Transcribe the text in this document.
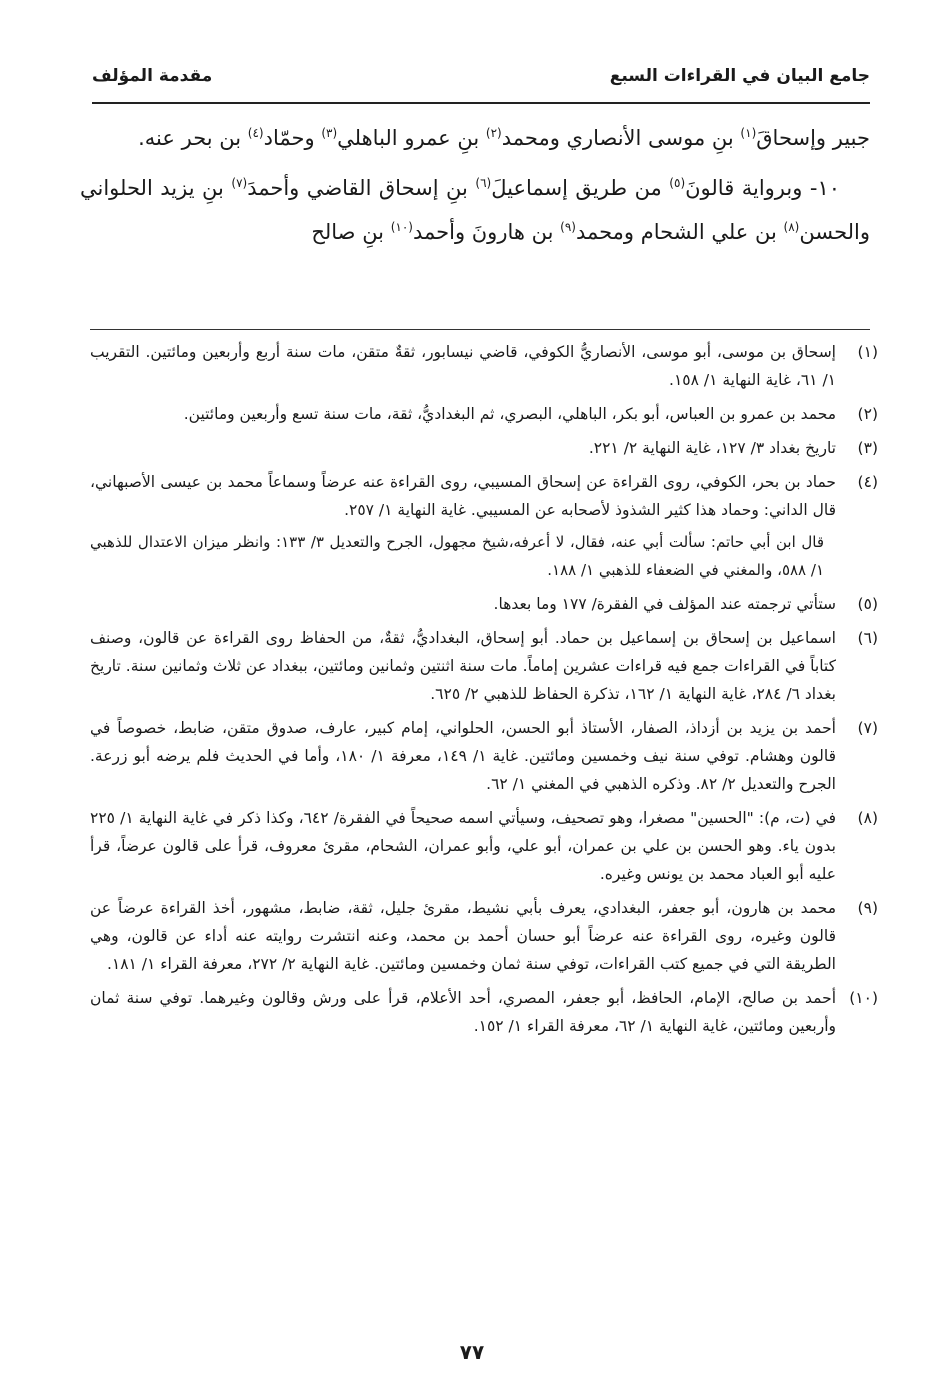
جامع البيان في القراءات السبع
مقدمة المؤلف

جبير وإسحاقَ$^{(١)}$ بنِ موسى الأنصاري ومحمد$^{(٢)}$ بنِ عمرو الباهلي$^{(٣)}$ وحمّاد$^{(٤)}$ بن بحر عنه.

١٠- وبرواية قالونَ$^{(٥)}$ من طريق إسماعيلَ$^{(٦)}$ بنِ إسحاق القاضي وأحمدَ$^{(٧)}$ بنِ يزيد الحلواني والحسن$^{(٨)}$ بن علي الشحام ومحمد$^{(٩)}$ بن هارونَ وأحمد$^{(١٠)}$ بنِ صالح

(١)
إسحاق بن موسى، أبو موسى، الأنصاريُّ الكوفي، قاضي نيسابور، ثقةٌ متقن، مات سنة أربع وأربعين ومائتين. التقريب ١/ ٦١، غاية النهاية ١/ ١٥٨.
(٢)
محمد بن عمرو بن العباس، أبو بكر، الباهلي، البصري، ثم البغداديُّ، ثقة، مات سنة تسع وأربعين ومائتين.
(٣)
تاريخ بغداد ٣/ ١٢٧، غاية النهاية ٢/ ٢٢١.
(٤)
حماد بن بحر، الكوفي، روى القراءة عن إسحاق المسيبي، روى القراءة عنه عرضاً وسماعاً محمد بن عيسى الأصبهاني، قال الداني: وحماد هذا كثير الشذوذ لأصحابه عن المسيبي. غاية النهاية ١/ ٢٥٧.
قال ابن أبي حاتم: سألت أبي عنه، فقال، لا أعرفه،شيخ مجهول، الجرح والتعديل ٣/ ١٣٣: وانظر ميزان الاعتدال للذهبي ١/ ٥٨٨، والمغني في الضعفاء للذهبي ١/ ١٨٨.
(٥)
ستأتي ترجمته عند المؤلف في الفقرة/ ١٧٧ وما بعدها.
(٦)
اسماعيل بن إسحاق بن إسماعيل بن حماد. أبو إسحاق، البغداديُّ، ثقةٌ، من الحفاظ روى القراءة عن قالون، وصنف كتاباً في القراءات جمع فيه قراءات عشرين إماماً. مات سنة اثنتين وثمانين ومائتين، ببغداد عن ثلاث وثمانين سنة. تاريخ بغداد ٦/ ٢٨٤، غاية النهاية ١/ ١٦٢، تذكرة الحفاظ للذهبي ٢/ ٦٢٥.
(٧)
أحمد بن يزيد بن أزداذ، الصفار، الأستاذ أبو الحسن، الحلواني، إمام كبير، عارف، صدوق متقن، ضابط، خصوصاً في قالون وهشام. توفي سنة نيف وخمسين ومائتين. غاية ١/ ١٤٩، معرفة ١/ ١٨٠، وأما في الحديث فلم يرضه أبو زرعة. الجرح والتعديل ٢/ ٨٢. وذكره الذهبي في المغني ١/ ٦٢.
(٨)
في (ت، م): "الحسين" مصغرا، وهو تصحيف، وسيأتي اسمه صحيحاً في الفقرة/ ٦٤٢، وكذا ذكر في غاية النهاية ١/ ٢٢٥ بدون ياء. وهو الحسن بن علي بن عمران، أبو علي، وأبو عمران، الشحام، مقرئ معروف، قرأ على قالون عرضاً، قرأ عليه أبو العباد محمد بن يونس وغيره.
(٩)
محمد بن هارون، أبو جعفر، البغدادي، يعرف بأبي نشيط، مقرئ جليل، ثقة، ضابط، مشهور، أخذ القراءة عرضاً عن قالون وغيره، روى القراءة عنه عرضاً أبو حسان أحمد بن محمد، وعنه انتشرت روايته عنه أداء عن قالون، وهي الطريقة التي في جميع كتب القراءات، توفي سنة ثمان وخمسين ومائتين. غاية النهاية ٢/ ٢٧٢، معرفة القراء ١/ ١٨١.
(١٠)
أحمد بن صالح، الإمام، الحافظ، أبو جعفر، المصري، أحد الأعلام، قرأ على ورش وقالون وغيرهما. توفي سنة ثمان وأربعين ومائتين، غاية النهاية ١/ ٦٢، معرفة القراء ١/ ١٥٢.
٧٧
